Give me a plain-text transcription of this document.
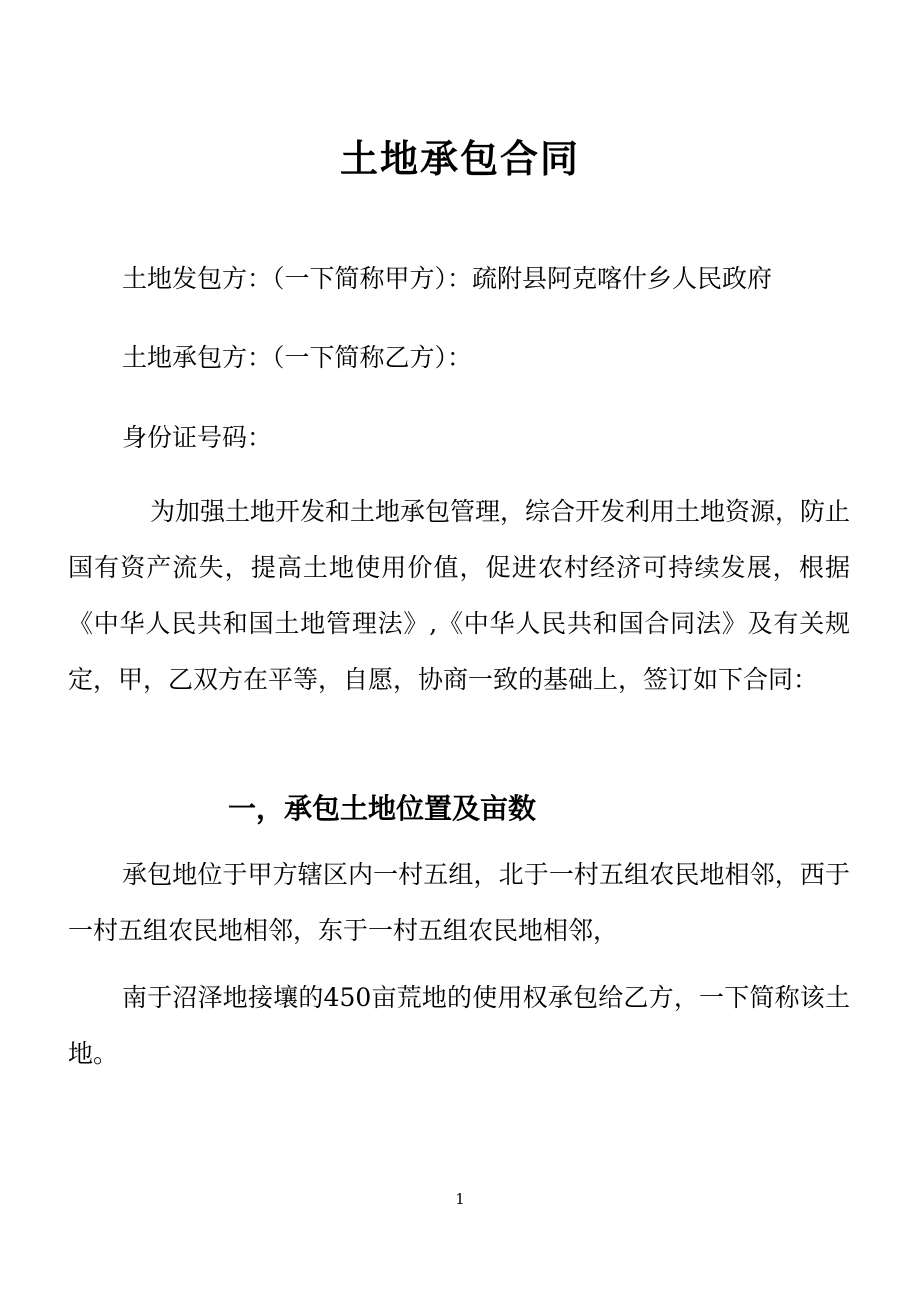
土地承包合同

土地发包方：（一下简称甲方）：疏附县阿克喀什乡人民政府

土地承包方：（一下简称乙方）：

身份证号码：

为加强土地开发和土地承包管理，综合开发利用土地资源，防止国有资产流失，提高土地使用价值，促进农村经济可持续发展，根据《中华人民共和国土地管理法》,《中华人民共和国合同法》及有关规定，甲，乙双方在平等，自愿，协商一致的基础上，签订如下合同：

一，承包土地位置及亩数

承包地位于甲方辖区内一村五组，北于一村五组农民地相邻，西于一村五组农民地相邻，东于一村五组农民地相邻，

南于沼泽地接壤的450亩荒地的使用权承包给乙方，一下简称该土地。

1
